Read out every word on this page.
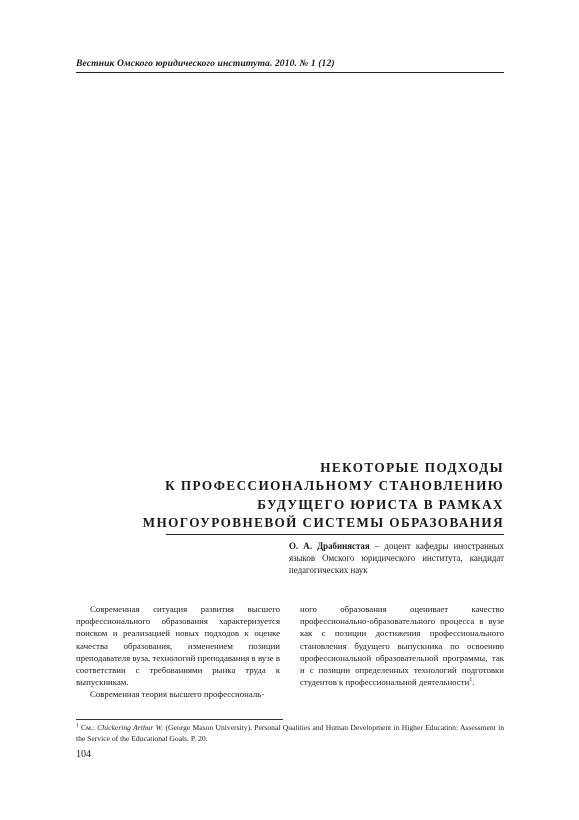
Вестник Омского юридического института. 2010. № 1 (12)
НЕКОТОРЫЕ ПОДХОДЫ
К ПРОФЕССИОНАЛЬНОМУ СТАНОВЛЕНИЮ
БУДУЩЕГО ЮРИСТА В РАМКАХ
МНОГОУРОВНЕВОЙ СИСТЕМЫ ОБРАЗОВАНИЯ
О. А. Драбинястая – доцент кафедры иностранных языков Омского юридического института, кандидат педагогических наук

Современная ситуация развития высшего профессионального образования характеризуется поиском и реализацией новых подходов к оценке качества образования, изменением позиции преподавателя вуза, технологий преподавания в вузе в соответствии с требованиями рынка труда к выпускникам.

Современная теория высшего профессиональ-

ного образования оценивает качество профессионально-образовательного процесса в вузе как с позиции достижения профессионального становления будущего выпускника по освоению профессиональной образовательной программы, так и с позиции определенных технологий подготовки студентов к профессиональной деятельности$^1$.

$^1$ См.: Chickering Arthur W. (George Mason University). Personal Qualities and Human Development in Higher Education: Assessment in the Service of the Educational Goals. P. 20.
104
